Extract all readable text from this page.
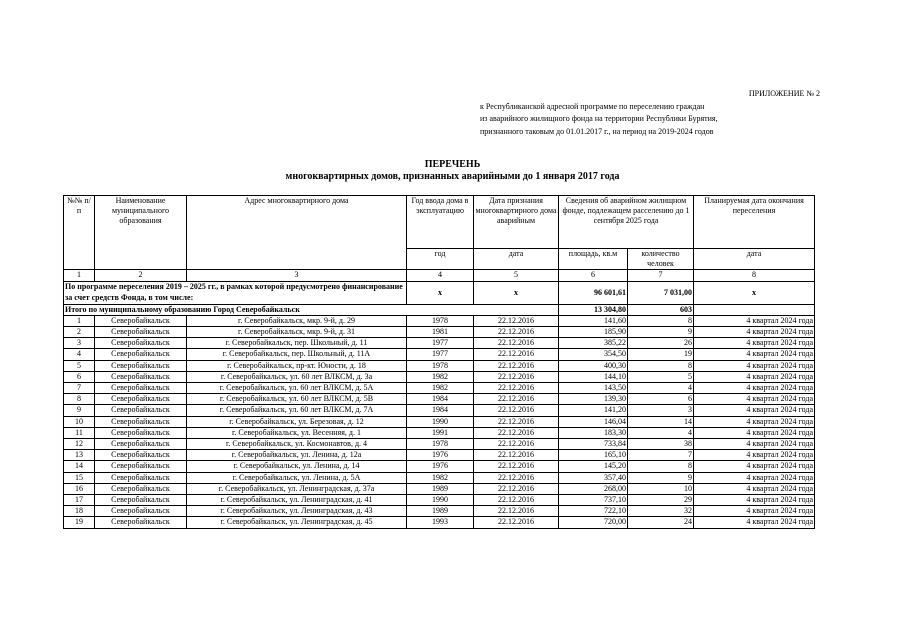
ПРИЛОЖЕНИЕ № 2
к Республиканской адресной программе по переселению граждан
из аварийного жилищного фонда на территории Республики Бурятия,
признанного таковым до 01.01.2017 г., на период на 2019-2024 годов
ПЕРЕЧЕНЬ
многоквартирных домов, признанных аварийными до 1 января 2017 года
№№ п/п	Наименование муниципального образования	Адрес многоквартирного дома	Год ввода дома в эксплуатацию	Дата признания многоквартирного дома аварийным	Сведения об аварийном жилищном фонде, подлежащем расселению до 1 сентября 2025 года		Планируемая дата окончания переселения
			год	дата	площадь, кв.м	количество человек	дата
1	2	3	4	5	6	7	8
По программе переселения 2019 – 2025 гг., в рамках которой предусмотрено финансирование за счет средств Фонда, в том числе:			х	х	96 601,61	7 031,00	х
Итого по муниципальному образованию Город Северобайкальск					13 304,80	603	
1	Северобайкальск	г. Северобайкальск, мкр. 9-й, д. 29	1978	22.12.2016	141,60	8	4 квартал 2024 года
2	Северобайкальск	г. Северобайкальск, мкр. 9-й, д. 31	1981	22.12.2016	185,90	9	4 квартал 2024 года
3	Северобайкальск	г. Северобайкальск, пер. Школьный, д. 11	1977	22.12.2016	385,22	26	4 квартал 2024 года
4	Северобайкальск	г. Северобайкальск, пер. Школьный, д. 11А	1977	22.12.2016	354,50	19	4 квартал 2024 года
5	Северобайкальск	г. Северобайкальск, пр-кт. Юности, д. 18	1978	22.12.2016	400,30	8	4 квартал 2024 года
6	Северобайкальск	г. Северобайкальск, ул. 60 лет ВЛКСМ, д. 3а	1982	22.12.2016	144,10	5	4 квартал 2024 года
7	Северобайкальск	г. Северобайкальск, ул. 60 лет ВЛКСМ, д. 5А	1982	22.12.2016	143,50	4	4 квартал 2024 года
8	Северобайкальск	г. Северобайкальск, ул. 60 лет ВЛКСМ, д. 5В	1984	22.12.2016	139,30	6	4 квартал 2024 года
9	Северобайкальск	г. Северобайкальск, ул. 60 лет ВЛКСМ, д. 7А	1984	22.12.2016	141,20	3	4 квартал 2024 года
10	Северобайкальск	г. Северобайкальск, ул. Березовая, д. 12	1990	22.12.2016	146,04	14	4 квартал 2024 года
11	Северобайкальск	г. Северобайкальск, ул. Весенняя, д. 1	1991	22.12.2016	183,30	4	4 квартал 2024 года
12	Северобайкальск	г. Северобайкальск, ул. Космонавтов, д. 4	1978	22.12.2016	733,84	38	4 квартал 2024 года
13	Северобайкальск	г. Северобайкальск, ул. Ленина, д. 12а	1976	22.12.2016	165,10	7	4 квартал 2024 года
14	Северобайкальск	г. Северобайкальск, ул. Ленина, д. 14	1976	22.12.2016	145,20	8	4 квартал 2024 года
15	Северобайкальск	г. Северобайкальск, ул. Ленина, д. 5А	1982	22.12.2016	357,40	9	4 квартал 2024 года
16	Северобайкальск	г. Северобайкальск, ул. Ленинградская, д. 37а	1989	22.12.2016	268,00	10	4 квартал 2024 года
17	Северобайкальск	г. Северобайкальск, ул. Ленинградская, д. 41	1990	22.12.2016	737,10	29	4 квартал 2024 года
18	Северобайкальск	г. Северобайкальск, ул. Ленинградская, д. 43	1989	22.12.2016	722,10	32	4 квартал 2024 года
19	Северобайкальск	г. Северобайкальск, ул. Ленинградская, д. 45	1993	22.12.2016	720,00	24	4 квартал 2024 года
